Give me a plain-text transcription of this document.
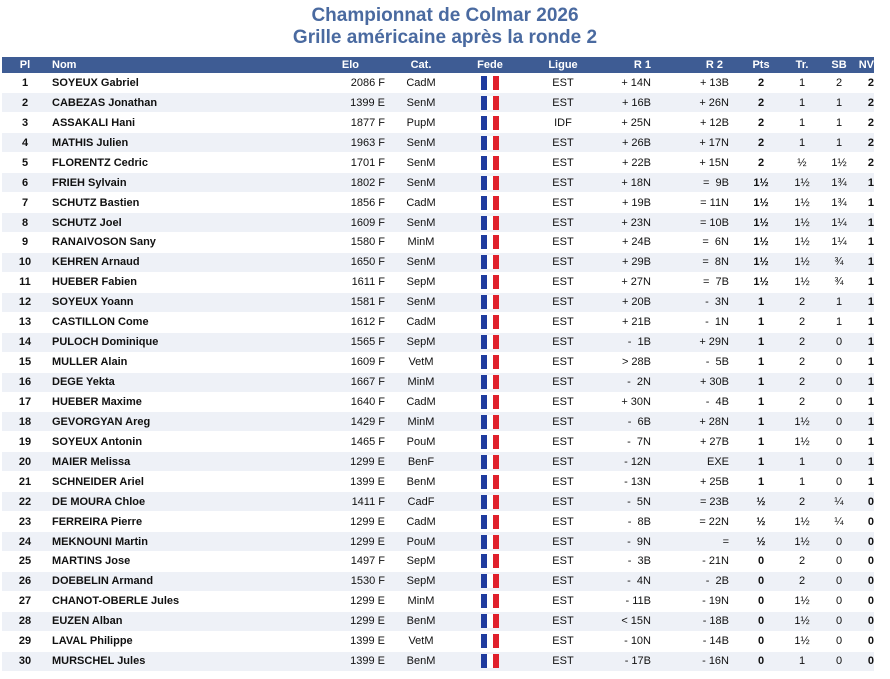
Championnat de Colmar 2026
Grille américaine après la ronde 2
Pl	Nom	Elo	Cat.	Fede	Ligue	R 1	R 2	Pts	Tr.	SB	NV
1	SOYEUX Gabriel	2086 F	CadM		EST	+ 14N	+ 13B	2	1	2	2
2	CABEZAS Jonathan	1399 E	SenM		EST	+ 16B	+ 26N	2	1	1	2
3	ASSAKALI Hani	1877 F	PupM		IDF	+ 25N	+ 12B	2	1	1	2
4	MATHIS Julien	1963 F	SenM		EST	+ 26B	+ 17N	2	1	1	2
5	FLORENTZ Cedric	1701 F	SenM		EST	+ 22B	+ 15N	2	½	1½	2
6	FRIEH Sylvain	1802 F	SenM		EST	+ 18N	=  9B	1½	1½	1¾	1
7	SCHUTZ Bastien	1856 F	CadM		EST	+ 19B	= 11N	1½	1½	1¾	1
8	SCHUTZ Joel	1609 F	SenM		EST	+ 23N	= 10B	1½	1½	1¼	1
9	RANAIVOSON Sany	1580 F	MinM		EST	+ 24B	=  6N	1½	1½	1¼	1
10	KEHREN Arnaud	1650 F	SenM		EST	+ 29B	=  8N	1½	1½	¾	1
11	HUEBER Fabien	1611 F	SepM		EST	+ 27N	=  7B	1½	1½	¾	1
12	SOYEUX Yoann	1581 F	SenM		EST	+ 20B	-  3N	1	2	1	1
13	CASTILLON Come	1612 F	CadM		EST	+ 21B	-  1N	1	2	1	1
14	PULOCH Dominique	1565 F	SepM		EST	-  1B	+ 29N	1	2	0	1
15	MULLER Alain	1609 F	VetM		EST	> 28B	-  5B	1	2	0	1
16	DEGE Yekta	1667 F	MinM		EST	-  2N	+ 30B	1	2	0	1
17	HUEBER Maxime	1640 F	CadM		EST	+ 30N	-  4B	1	2	0	1
18	GEVORGYAN Areg	1429 F	MinM		EST	-  6B	+ 28N	1	1½	0	1
19	SOYEUX Antonin	1465 F	PouM		EST	-  7N	+ 27B	1	1½	0	1
20	MAIER Melissa	1299 E	BenF		EST	- 12N	EXE	1	1	0	1
21	SCHNEIDER Ariel	1399 E	BenM		EST	- 13N	+ 25B	1	1	0	1
22	DE MOURA Chloe	1411 F	CadF		EST	-  5N	= 23B	½	2	¼	0
23	FERREIRA Pierre	1299 E	CadM		EST	-  8B	= 22N	½	1½	¼	0
24	MEKNOUNI Martin	1299 E	PouM		EST	-  9N	=	½	1½	0	0
25	MARTINS Jose	1497 F	SepM		EST	-  3B	- 21N	0	2	0	0
26	DOEBELIN Armand	1530 F	SepM		EST	-  4N	-  2B	0	2	0	0
27	CHANOT-OBERLE Jules	1299 E	MinM		EST	- 11B	- 19N	0	1½	0	0
28	EUZEN Alban	1299 E	BenM		EST	< 15N	- 18B	0	1½	0	0
29	LAVAL Philippe	1399 E	VetM		EST	- 10N	- 14B	0	1½	0	0
30	MURSCHEL Jules	1399 E	BenM		EST	- 17B	- 16N	0	1	0	0
